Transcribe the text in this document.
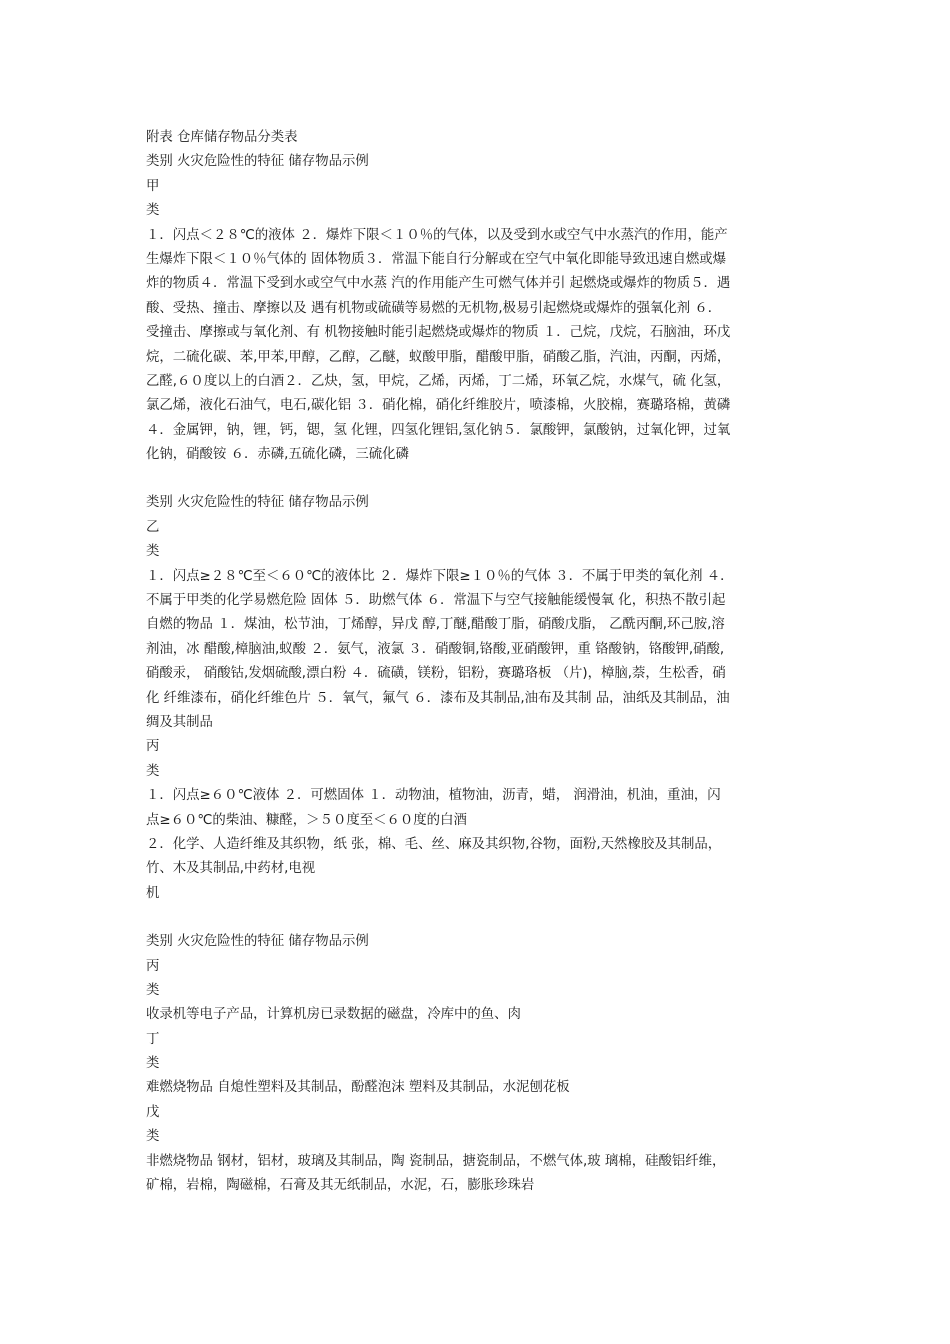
附表 仓库储存物品分类表
类别 火灾危险性的特征 储存物品示例
甲
类
１．闪点＜２８℃的液体 ２．爆炸下限＜１０％的气体，以及受到水或空气中水蒸汽的作用，能产
生爆炸下限＜１０％气体的 固体物质３．常温下能自行分解或在空气中氧化即能导致迅速自燃或爆
炸的物质４．常温下受到水或空气中水蒸 汽的作用能产生可燃气体并引 起燃烧或爆炸的物质５．遇
酸、受热、撞击、摩擦以及 遇有机物或硫磺等易燃的无机物,极易引起燃烧或爆炸的强氧化剂 ６．
受撞击、摩擦或与氧化剂、有 机物接触时能引起燃烧或爆炸的物质 １．己烷，戊烷，石脑油，环戊
烷，二硫化碳、苯,甲苯,甲醇，乙醇，乙醚，蚁酸甲脂，醋酸甲脂，硝酸乙脂，汽油，丙酮，丙烯，
乙醛,６０度以上的白酒２．乙炔，氢，甲烷，乙烯，丙烯，丁二烯，环氧乙烷，水煤气，硫 化氢，
氯乙烯，液化石油气，电石,碳化铝 ３．硝化棉，硝化纤维胶片，喷漆棉，火胶棉，赛璐珞棉，黄磷
４．金属钾，钠，锂，钙，锶，氢 化锂，四氢化锂铝,氢化钠５．氯酸钾，氯酸钠，过氧化钾，过氧
化钠，硝酸铵 ６．赤磷,五硫化磷，三硫化磷
类别 火灾危险性的特征 储存物品示例
乙
类
１．闪点≥２８℃至＜６０℃的液体比 ２．爆炸下限≥１０％的气体 ３．不属于甲类的氧化剂 ４．
不属于甲类的化学易燃危险 固体 ５．助燃气体 ６．常温下与空气接触能缓慢氧 化，积热不散引起
自燃的物品 １．煤油，松节油，丁烯醇，异戊 醇,丁醚,醋酸丁脂，硝酸戊脂， 乙酰丙酮,环己胺,溶
剂油，冰 醋酸,樟脑油,蚁酸 ２．氨气，液氯 ３．硝酸铜,铬酸,亚硝酸钾，重 铬酸钠，铬酸钾,硝酸,
硝酸汞， 硝酸钴,发烟硫酸,漂白粉 ４．硫磺，镁粉，铝粉，赛璐珞板 （片)，樟脑,萘，生松香，硝
化 纤维漆布，硝化纤维色片 ５．氧气，氟气 ６．漆布及其制品,油布及其制 品，油纸及其制品，油
绸及其制品
丙
类
１．闪点≥６０℃液体 ２．可燃固体 １．动物油，植物油，沥青，蜡， 润滑油，机油，重油，闪
点≥６０℃的柴油、糠醛，＞５０度至＜６０度的白酒
２．化学、人造纤维及其织物，纸 张，棉、毛、丝、麻及其织物,谷物，面粉,天然橡胶及其制品，
竹、木及其制品,中药材,电视
机
类别 火灾危险性的特征 储存物品示例
丙
类
收录机等电子产品，计算机房已录数据的磁盘，冷库中的鱼、肉
丁
类
难燃烧物品 自熄性塑料及其制品，酚醛泡沫 塑料及其制品，水泥刨花板
戊
类
非燃烧物品 钢材，铝材，玻璃及其制品，陶 瓷制品，搪瓷制品，不燃气体,玻 璃棉，硅酸铝纤维，
矿棉，岩棉，陶磁棉，石膏及其无纸制品，水泥，石，膨胀珍珠岩
